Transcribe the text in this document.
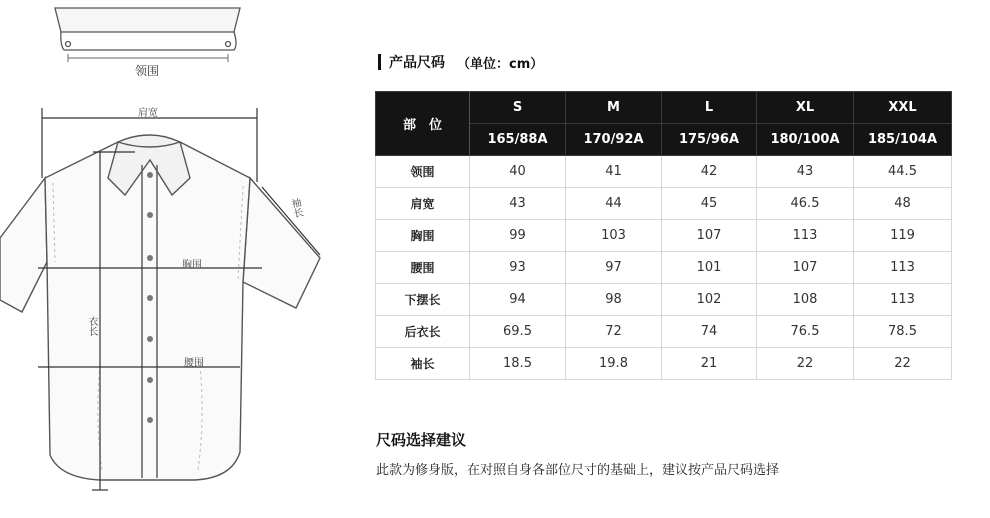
领围
肩宽
袖长
胸围
腰围
衣长
产品尺码 （单位：cm）
部　位	S	M	L	XL	XXL
	165/88A	170/92A	175/96A	180/100A	185/104A
领围	40	41	42	43	44.5
肩宽	43	44	45	46.5	48
胸围	99	103	107	113	119
腰围	93	97	101	107	113
下摆长	94	98	102	108	113
后衣长	69.5	72	74	76.5	78.5
袖长	18.5	19.8	21	22	22
尺码选择建议
此款为修身版，在对照自身各部位尺寸的基础上，建议按产品尺码选择
